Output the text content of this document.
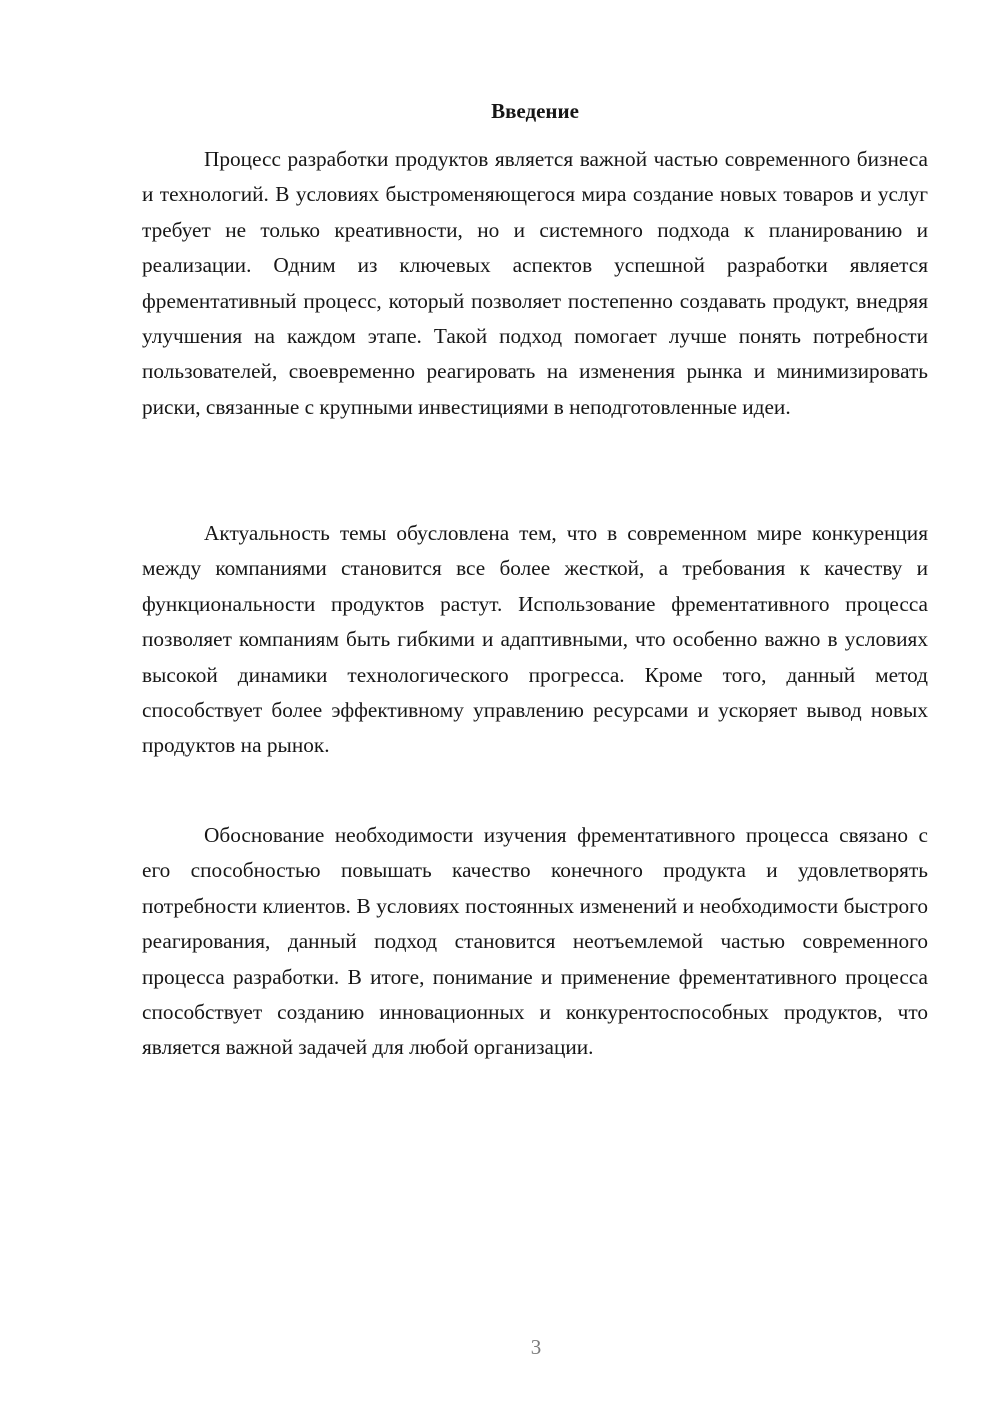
Введение

Процесс разработки продуктов является важной частью современного бизнеса и технологий. В условиях быстроменяющегося мира создание новых товаров и услуг требует не только креативности, но и системного подхода к планированию и реализации. Одним из ключевых аспектов успешной разработки является фрементативный процесс, который позволяет постепенно создавать продукт, внедряя улучшения на каждом этапе. Такой подход помогает лучше понять потребности пользователей, своевременно реагировать на изменения рынка и минимизировать риски, связанные с крупными инвестициями в неподготовленные идеи.

Актуальность темы обусловлена тем, что в современном мире конкуренция между компаниями становится все более жесткой, а требования к качеству и функциональности продуктов растут. Использование фрементативного процесса позволяет компаниям быть гибкими и адаптивными, что особенно важно в условиях высокой динамики технологического прогресса. Кроме того, данный метод способствует более эффективному управлению ресурсами и ускоряет вывод новых продуктов на рынок.

Обоснование необходимости изучения фрементативного процесса связано с его способностью повышать качество конечного продукта и удовлетворять потребности клиентов. В условиях постоянных изменений и необходимости быстрого реагирования, данный подход становится неотъемлемой частью современного процесса разработки. В итоге, понимание и применение фрементативного процесса способствует созданию инновационных и конкурентоспособных продуктов, что является важной задачей для любой организации.

3
